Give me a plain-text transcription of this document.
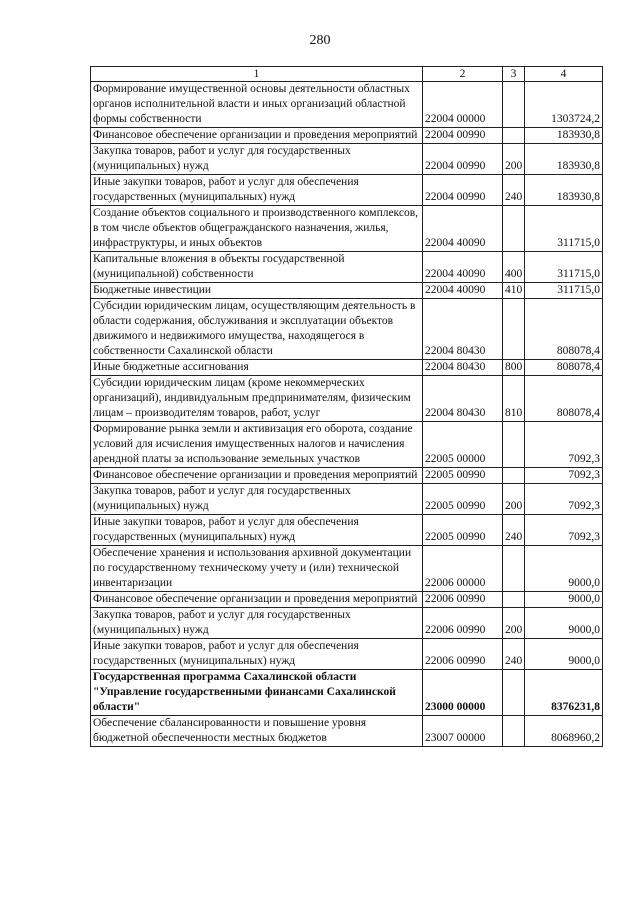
280
1	2	3	4
Формирование имущественной основы деятельности областных органов исполнительной власти и иных организаций областной формы собственности	22004 00000		1303724,2
Финансовое обеспечение организации и проведения мероприятий	22004 00990		183930,8
Закупка товаров, работ и услуг для государственных (муниципальных) нужд	22004 00990	200	183930,8
Иные закупки товаров, работ и услуг для обеспечения государственных (муниципальных) нужд	22004 00990	240	183930,8
Создание объектов социального и производственного комплексов, в том числе объектов общегражданского назначения, жилья, инфраструктуры, и иных объектов	22004 40090		311715,0
Капитальные вложения в объекты государственной (муниципальной) собственности	22004 40090	400	311715,0
Бюджетные инвестиции	22004 40090	410	311715,0
Субсидии юридическим лицам, осуществляющим деятельность в области содержания, обслуживания и эксплуатации объектов движимого и недвижимого имущества, находящегося в собственности Сахалинской области	22004 80430		808078,4
Иные бюджетные ассигнования	22004 80430	800	808078,4
Субсидии юридическим лицам (кроме некоммерческих организаций), индивидуальным предпринимателям, физическим лицам – производителям товаров, работ, услуг	22004 80430	810	808078,4
Формирование рынка земли и активизация его оборота, создание условий для исчисления имущественных налогов и начисления арендной платы за использование земельных участков	22005 00000		7092,3
Финансовое обеспечение организации и проведения мероприятий	22005 00990		7092,3
Закупка товаров, работ и услуг для государственных (муниципальных) нужд	22005 00990	200	7092,3
Иные закупки товаров, работ и услуг для обеспечения государственных (муниципальных) нужд	22005 00990	240	7092,3
Обеспечение хранения и использования архивной документации по государственному техническому учету и (или) технической инвентаризации	22006 00000		9000,0
Финансовое обеспечение организации и проведения мероприятий	22006 00990		9000,0
Закупка товаров, работ и услуг для государственных (муниципальных) нужд	22006 00990	200	9000,0
Иные закупки товаров, работ и услуг для обеспечения государственных (муниципальных) нужд	22006 00990	240	9000,0
Государственная программа Сахалинской области "Управление государственными финансами Сахалинской области"	23000 00000		8376231,8
Обеспечение сбалансированности и повышение уровня бюджетной обеспеченности местных бюджетов	23007 00000		8068960,2
